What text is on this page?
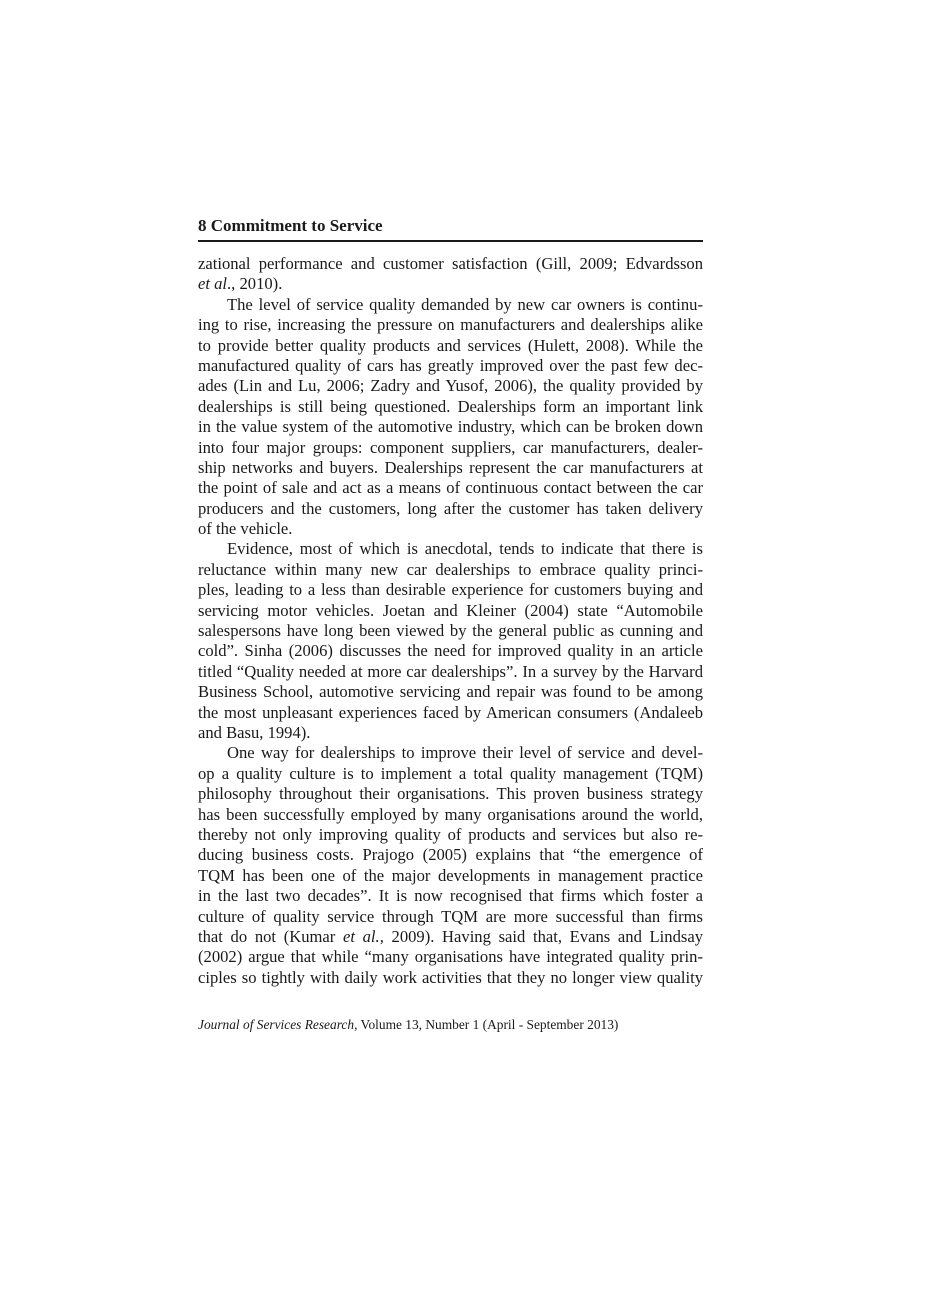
8 Commitment to Service
zational performance and customer satisfaction (Gill, 2009; Edvardsson
et al., 2010).
The level of service quality demanded by new car owners is continu-
ing to rise, increasing the pressure on manufacturers and dealerships alike
to provide better quality products and services (Hulett, 2008). While the
manufactured quality of cars has greatly improved over the past few dec-
ades (Lin and Lu, 2006; Zadry and Yusof, 2006), the quality provided by
dealerships is still being questioned. Dealerships form an important link
in the value system of the automotive industry, which can be broken down
into four major groups: component suppliers, car manufacturers, dealer-
ship networks and buyers. Dealerships represent the car manufacturers at
the point of sale and act as a means of continuous contact between the car
producers and the customers, long after the customer has taken delivery
of the vehicle.
Evidence, most of which is anecdotal, tends to indicate that there is
reluctance within many new car dealerships to embrace quality princi-
ples, leading to a less than desirable experience for customers buying and
servicing motor vehicles. Joetan and Kleiner (2004) state “Automobile
salespersons have long been viewed by the general public as cunning and
cold”. Sinha (2006) discusses the need for improved quality in an article
titled “Quality needed at more car dealerships”. In a survey by the Harvard
Business School, automotive servicing and repair was found to be among
the most unpleasant experiences faced by American consumers (Andaleeb
and Basu, 1994).
One way for dealerships to improve their level of service and devel-
op a quality culture is to implement a total quality management (TQM)
philosophy throughout their organisations. This proven business strategy
has been successfully employed by many organisations around the world,
thereby not only improving quality of products and services but also re-
ducing business costs. Prajogo (2005) explains that “the emergence of
TQM has been one of the major developments in management practice
in the last two decades”. It is now recognised that firms which foster a
culture of quality service through TQM are more successful than firms
that do not (Kumar et al., 2009). Having said that, Evans and Lindsay
(2002) argue that while “many organisations have integrated quality prin-
ciples so tightly with daily work activities that they no longer view quality
Journal of Services Research, Volume 13, Number 1 (April - September 2013)
